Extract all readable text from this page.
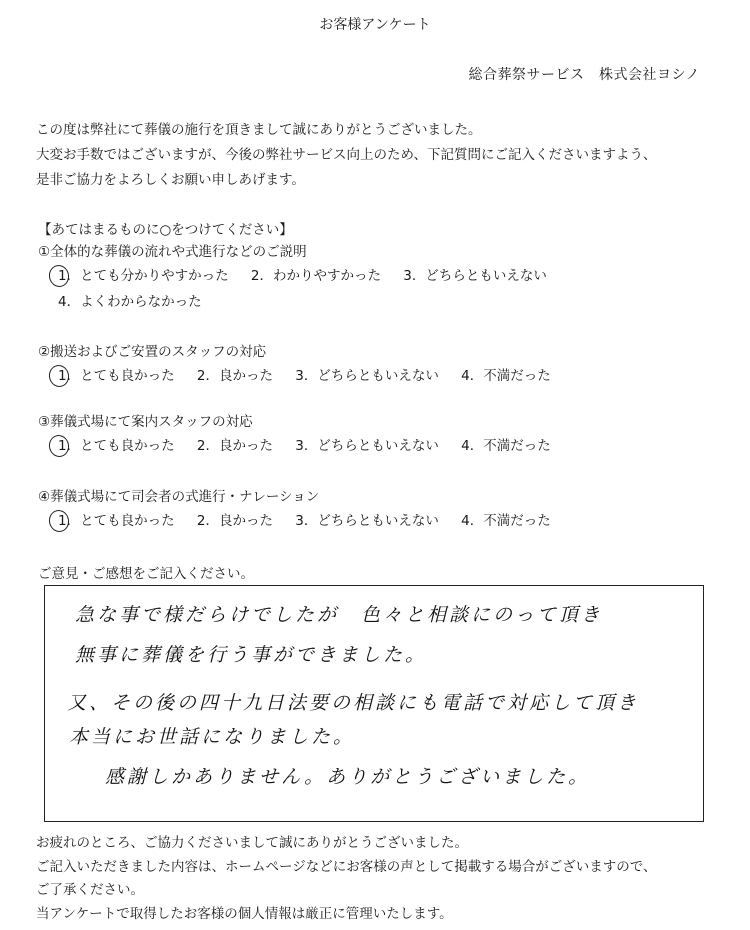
お客様アンケート
総合葬祭サービス　株式会社ヨシノ
この度は弊社にて葬儀の施行を頂きまして誠にありがとうございました。
大変お手数ではございますが、今後の弊社サービス向上のため、下記質問にご記入くださいますよう、
是非ご協力をよろしくお願い申しあげます。
【あてはまるものに○をつけてください】
①全体的な葬儀の流れや式進行などのご説明
1．とても分かりやすかった 2．わかりやすかった 3．どちらともいえない
4．よくわからなかった
②搬送およびご安置のスタッフの対応
1．とても良かった 2．良かった 3．どちらともいえない 4．不満だった
③葬儀式場にて案内スタッフの対応
1．とても良かった 2．良かった 3．どちらともいえない 4．不満だった
④葬儀式場にて司会者の式進行・ナレーション
1．とても良かった 2．良かった 3．どちらともいえない 4．不満だった
ご意見・ご感想をご記入ください。
急な事で様だらけでしたが　色々と相談にのって頂き
無事に葬儀を行う事ができました。
又、その後の四十九日法要の相談にも電話で対応して頂き
本当にお世話になりました。
感謝しかありません。ありがとうございました。
お疲れのところ、ご協力くださいまして誠にありがとうございました。
ご記入いただきました内容は、ホームページなどにお客様の声として掲載する場合がございますので、
ご了承ください。
当アンケートで取得したお客様の個人情報は厳正に管理いたします。
